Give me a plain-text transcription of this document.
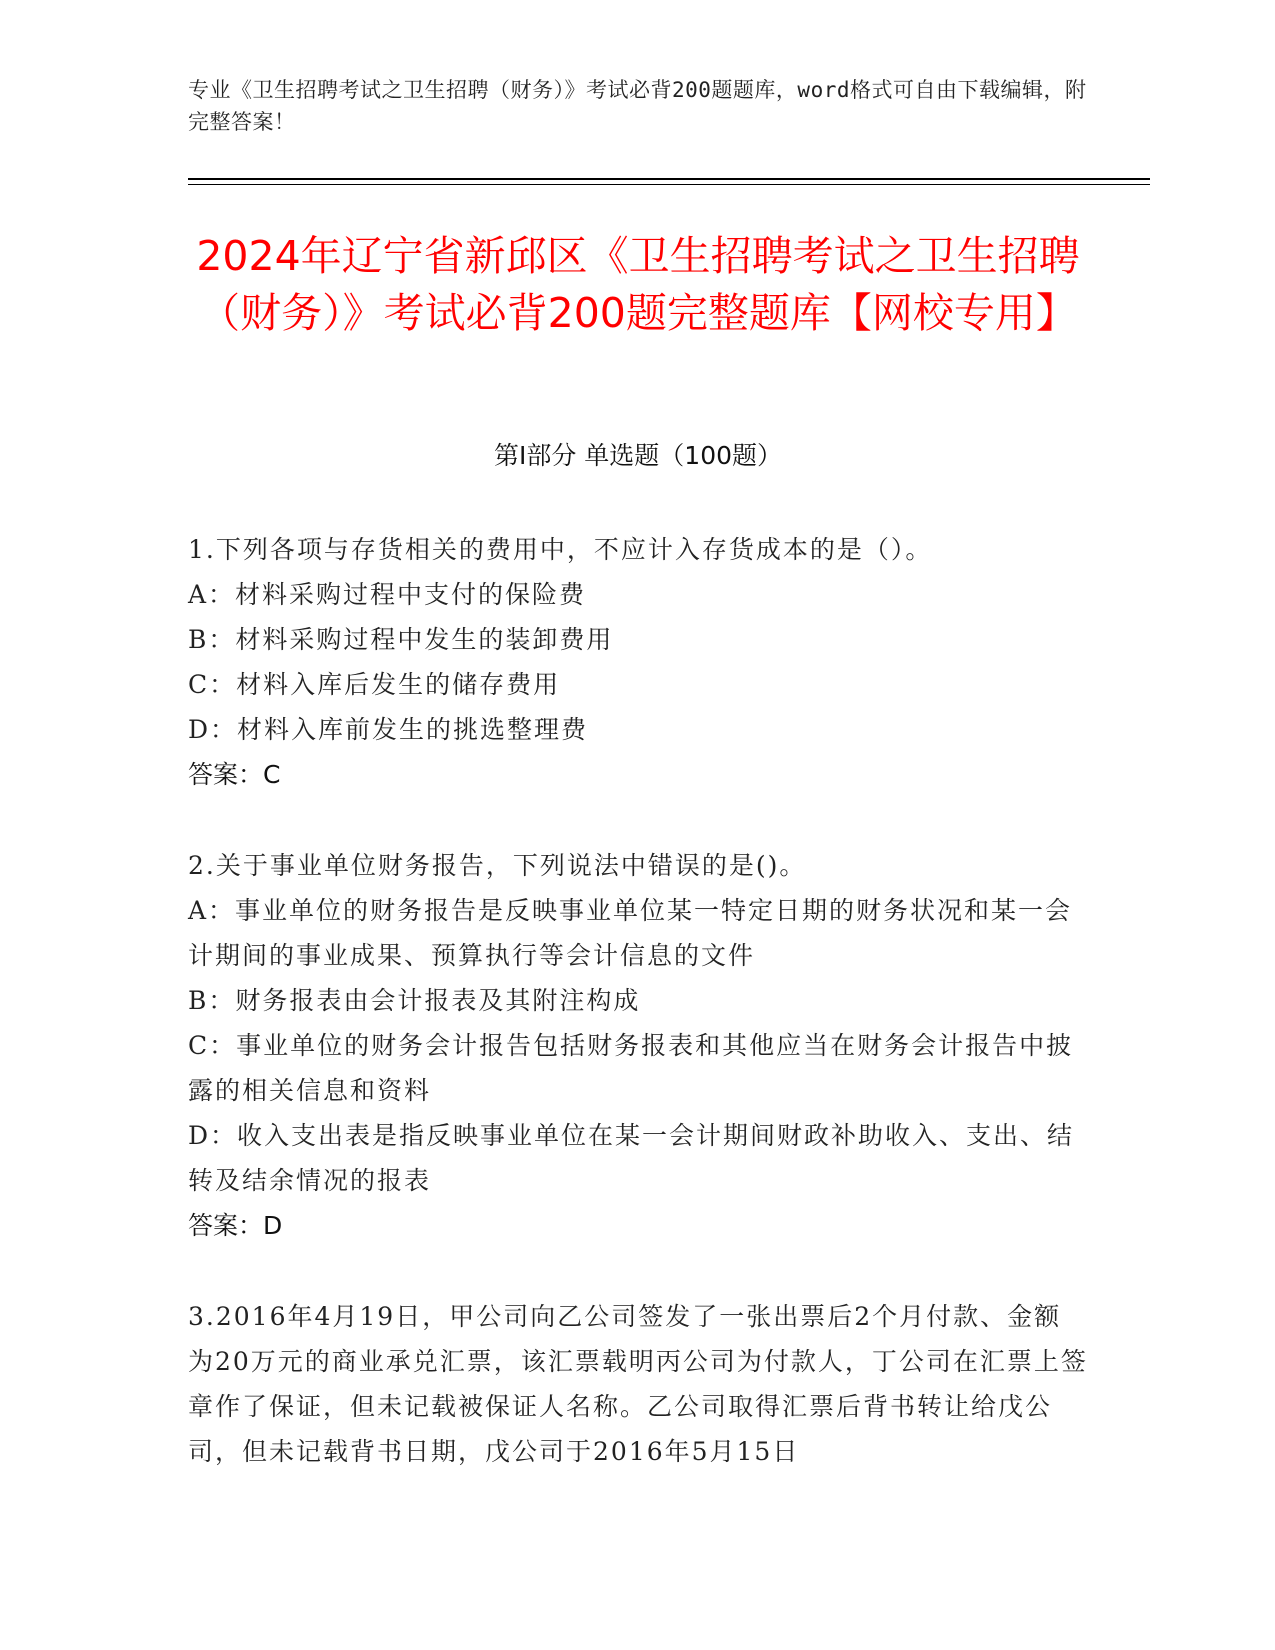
专业《卫生招聘考试之卫生招聘（财务）》考试必背200题题库，word格式可自由下载编辑，附完整答案！
2024年辽宁省新邱区《卫生招聘考试之卫生招聘（财务）》考试必背200题完整题库【网校专用】
第Ⅰ部分 单选题（100题）
1.下列各项与存货相关的费用中，不应计入存货成本的是（）。
A：材料采购过程中支付的保险费
B：材料采购过程中发生的装卸费用
C：材料入库后发生的储存费用
D：材料入库前发生的挑选整理费
答案：C
2.关于事业单位财务报告，下列说法中错误的是()。
A：事业单位的财务报告是反映事业单位某一特定日期的财务状况和某一会计期间的事业成果、预算执行等会计信息的文件
B：财务报表由会计报表及其附注构成
C：事业单位的财务会计报告包括财务报表和其他应当在财务会计报告中披露的相关信息和资料
D：收入支出表是指反映事业单位在某一会计期间财政补助收入、支出、结转及结余情况的报表
答案：D
3.2016年4月19日，甲公司向乙公司签发了一张出票后2个月付款、金额为20万元的商业承兑汇票，该汇票载明丙公司为付款人，丁公司在汇票上签章作了保证，但未记载被保证人名称。乙公司取得汇票后背书转让给戊公司，但未记载背书日期，戊公司于2016年5月15日
